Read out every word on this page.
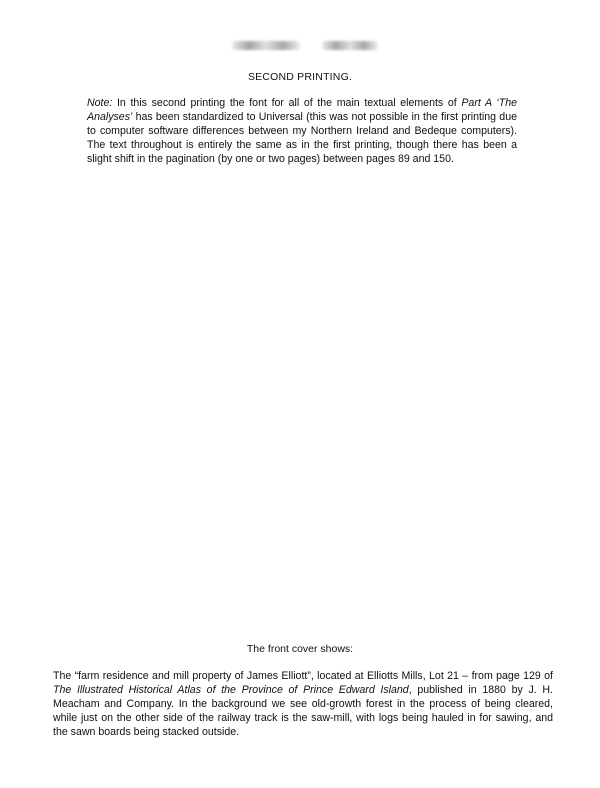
SECOND PRINTING.
Note: In this second printing the font for all of the main textual elements of Part A ‘The Analyses’ has been standardized to Universal (this was not possible in the first printing due to computer software differences between my Northern Ireland and Bedeque computers). The text throughout is entirely the same as in the first printing, though there has been a slight shift in the pagination (by one or two pages) between pages 89 and 150.
The front cover shows:
The “farm residence and mill property of James Elliott”, located at Elliotts Mills, Lot 21 – from page 129 of The Illustrated Historical Atlas of the Province of Prince Edward Island, published in 1880 by J. H. Meacham and Company. In the background we see old-growth forest in the process of being cleared, while just on the other side of the railway track is the saw-mill, with logs being hauled in for sawing, and the sawn boards being stacked outside.
